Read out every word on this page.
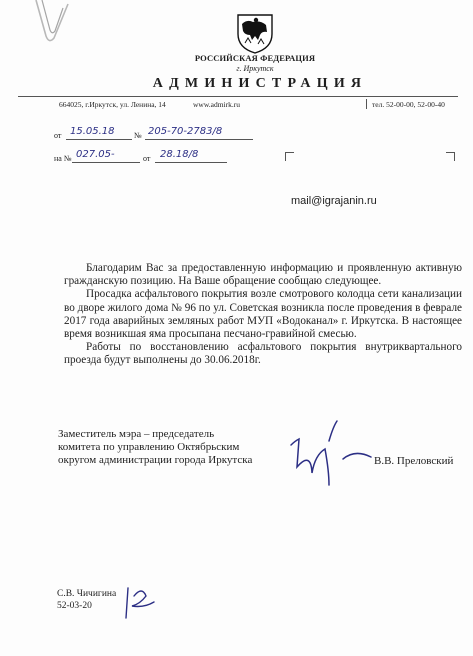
РОССИЙСКАЯ ФЕДЕРАЦИЯ
г. Иркутск
АДМИНИСТРАЦИЯ
664025, г.Иркутск, ул. Ленина, 14	www.admirk.ru	тел. 52-00-00, 52-00-40
от 15.05.18 № 205-70-2783/8
на № 027.05-	от 28.18/8
mail@igrajanin.ru

Благодарим Вас за предоставленную информацию и проявленную активную гражданскую позицию. На Ваше обращение сообщаю следующее.

Просадка асфальтового покрытия возле смотрового колодца сети канализации во дворе жилого дома № 96 по ул. Советская возникла после проведения в феврале 2017 года аварийных земляных работ МУП «Водоканал» г. Иркутска. В настоящее время возникшая яма просыпана песчано-гравийной смесью.

Работы по восстановлению асфальтового покрытия внутриквартального проезда будут выполнены до 30.06.2018г.

Заместитель мэра – председатель
комитета по управлению Октябрьским
округом администрации города Иркутска	В.В. Преловский
С.В. Чичигина
52-03-20
